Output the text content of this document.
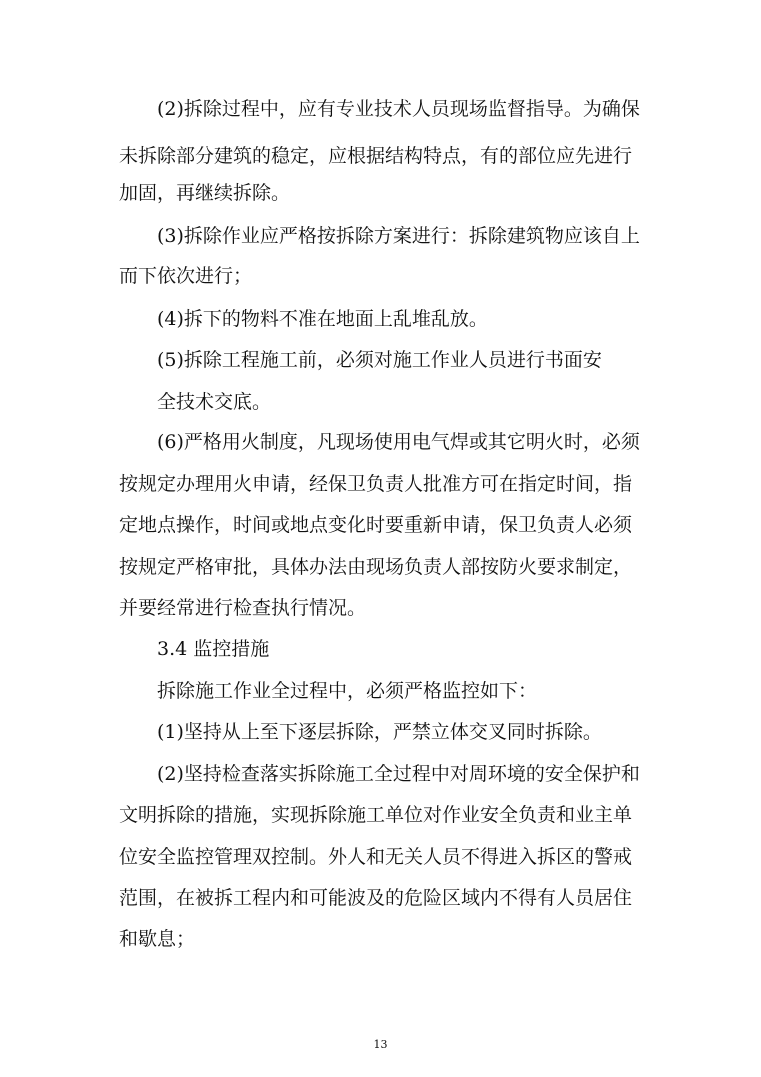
(2)拆除过程中，应有专业技术人员现场监督指导。为确保
未拆除部分建筑的稳定，应根据结构特点，有的部位应先进行
加固，再继续拆除。
(3)拆除作业应严格按拆除方案进行：拆除建筑物应该自上
而下依次进行；
(4)拆下的物料不准在地面上乱堆乱放。
(5)拆除工程施工前，必须对施工作业人员进行书面安
全技术交底。
(6)严格用火制度，凡现场使用电气焊或其它明火时，必须
按规定办理用火申请，经保卫负责人批准方可在指定时间，指
定地点操作，时间或地点变化时要重新申请，保卫负责人必须
按规定严格审批，具体办法由现场负责人部按防火要求制定，
并要经常进行检查执行情况。
3.4 监控措施
拆除施工作业全过程中，必须严格监控如下：
(1)坚持从上至下逐层拆除，严禁立体交叉同时拆除。
(2)坚持检查落实拆除施工全过程中对周环境的安全保护和
文明拆除的措施，实现拆除施工单位对作业安全负责和业主单
位安全监控管理双控制。外人和无关人员不得进入拆区的警戒
范围，在被拆工程内和可能波及的危险区域内不得有人员居住
和歇息；
13
